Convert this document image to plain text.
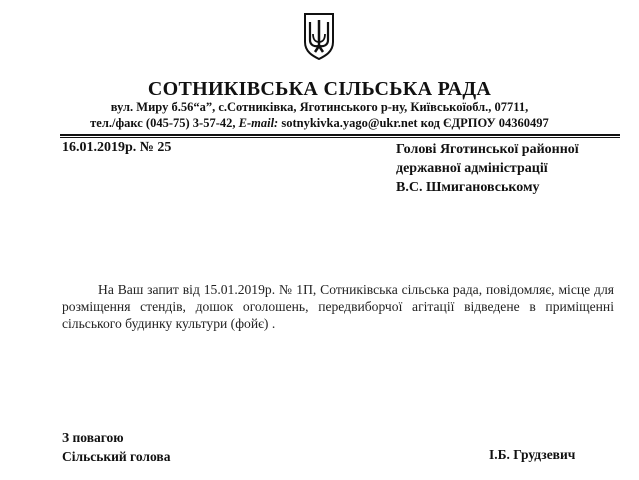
СОТНИКІВСЬКА СІЛЬСЬКА РАДА
вул. Миру б.56“а”, с.Сотниківка, Яготинського р-ну, Київськоїобл., 07711,
тел./факс (045-75) 3-57-42, E-mail: sotnykivka.yago@ukr.net код ЄДРПОУ 04360497
16.01.2019р. № 25	Голові Яготинської районної
державної адміністрації
В.С. Шмигановському
На Ваш запит від 15.01.2019р. № 1П, Сотниківська сільська рада, повідомляє, місце для розміщення стендів, дошок оголошень, передвиборчої агітації відведене в приміщенні сільського будинку культури (фойє) .
З повагою
Сільський голова	І.Б. Грудзевич
